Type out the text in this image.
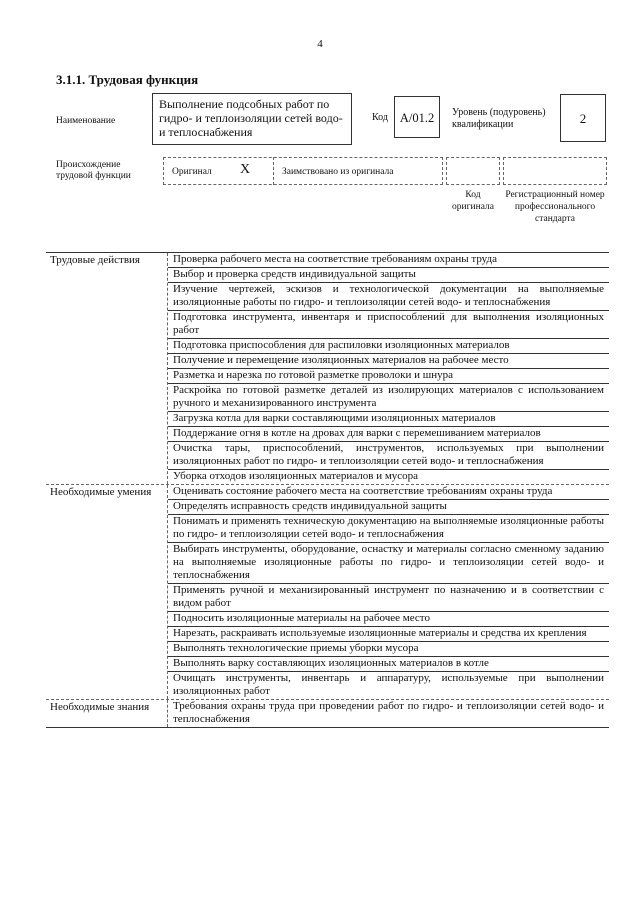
4
3.1.1. Трудовая функция
Наименование
Выполнение подсобных работ по гидро- и теплоизоляции сетей водо- и теплоснабжения
Код A/01.2	Уровень (подуровень) квалификации	2
Происхождение трудовой функции	Оригинал X	Заимствовано из оригинала
Код оригинала
Регистрационный номер профессионального стандарта
Трудовые действия	Проверка рабочего места на соответствие требованиям охраны труда
Выбор и проверка средств индивидуальной защиты
Изучение чертежей, эскизов и технологической документации на выполняемые изоляционные работы по гидро- и теплоизоляции сетей водо- и теплоснабжения
Подготовка инструмента, инвентаря и приспособлений для выполнения изоляционных работ
Подготовка приспособления для распиловки изоляционных материалов
Получение и перемещение изоляционных материалов на рабочее место
Разметка и нарезка по готовой разметке проволоки и шнура
Раскройка по готовой разметке деталей из изолирующих материалов с использованием ручного и механизированного инструмента
Загрузка котла для варки составляющими изоляционных материалов
Поддержание огня в котле на дровах для варки с перемешиванием материалов
Очистка тары, приспособлений, инструментов, используемых при выполнении изоляционных работ по гидро- и теплоизоляции сетей водо- и теплоснабжения
Уборка отходов изоляционных материалов и мусора
Необходимые умения	Оценивать состояние рабочего места на соответствие требованиям охраны труда
Определять исправность средств индивидуальной защиты
Понимать и применять техническую документацию на выполняемые изоляционные работы по гидро- и теплоизоляции сетей водо- и теплоснабжения
Выбирать инструменты, оборудование, оснастку и материалы согласно сменному заданию на выполняемые изоляционные работы по гидро- и теплоизоляции сетей водо- и теплоснабжения
Применять ручной и механизированный инструмент по назначению и в соответствии с видом работ
Подносить изоляционные материалы на рабочее место
Нарезать, раскраивать используемые изоляционные материалы и средства их крепления
Выполнять технологические приемы уборки мусора
Выполнять варку составляющих изоляционных материалов в котле
Очищать инструменты, инвентарь и аппаратуру, используемые при выполнении изоляционных работ
Необходимые знания	Требования охраны труда при проведении работ по гидро- и теплоизоляции сетей водо- и теплоснабжения
